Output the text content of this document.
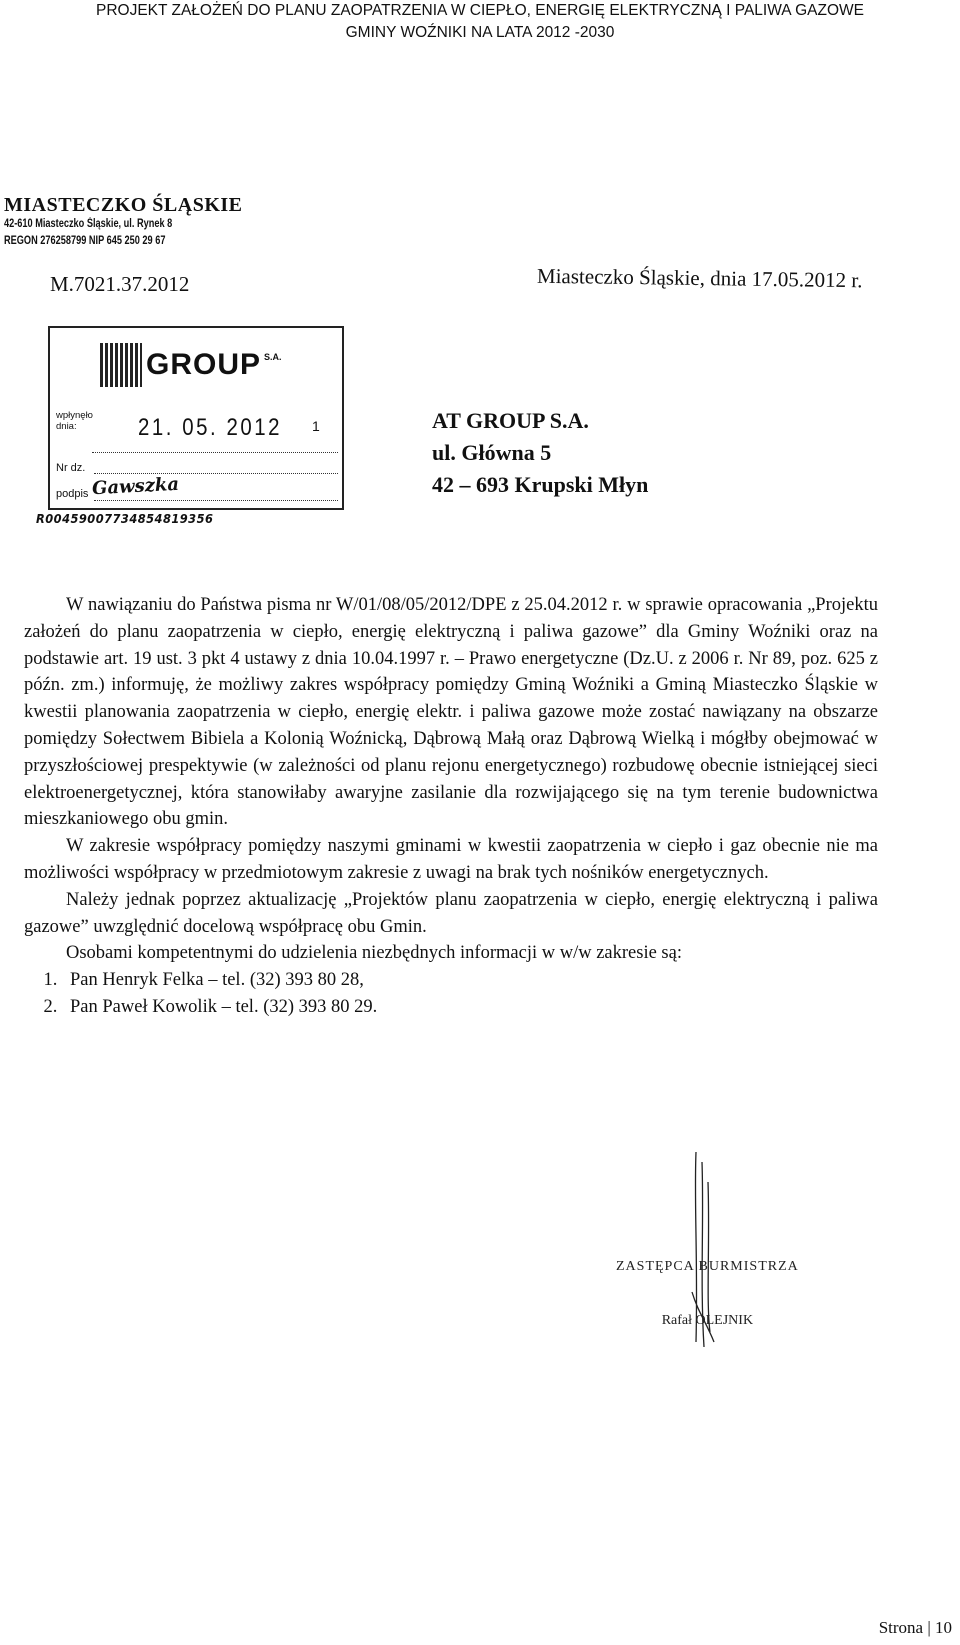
PROJEKT ZAŁOŻEŃ DO PLANU ZAOPATRZENIA W CIEPŁO, ENERGIĘ ELEKTRYCZNĄ I PALIWA GAZOWE
GMINY WOŹNIKI NA LATA 2012 -2030
MIASTECZKO ŚLĄSKIE
42-610 Miasteczko Śląskie, ul. Rynek 8
REGON 276258799 NIP 645 250 29 67
M.7021.37.2012	Miasteczko Śląskie, dnia 17.05.2012 r.
GROUP S.A.
wpłynęło dnia:	21. 05. 2012 1
Nr dz.
podpis Gawszka
R00459007734854819356
AT GROUP S.A.
ul. Główna 5
42 – 693 Krupski Młyn

W nawiązaniu do Państwa pisma nr W/01/08/05/2012/DPE z 25.04.2012 r. w sprawie opracowania „Projektu założeń do planu zaopatrzenia w ciepło, energię elektryczną i paliwa gazowe” dla Gminy Woźniki oraz na podstawie art. 19 ust. 3 pkt 4 ustawy z dnia 10.04.1997 r. – Prawo energetyczne (Dz.U. z 2006 r. Nr 89, poz. 625 z późn. zm.) informuję, że możliwy zakres współpracy pomiędzy Gminą Woźniki a Gminą Miasteczko Śląskie w kwestii planowania zaopatrzenia w ciepło, energię elektr. i paliwa gazowe może zostać nawiązany na obszarze pomiędzy Sołectwem Bibiela a Kolonią Woźnicką, Dąbrową Małą oraz Dąbrową Wielką i mógłby obejmować w przyszłościowej prespektywie (w zależności od planu rejonu energetycznego) rozbudowę obecnie istniejącej sieci elektroenergetycznej, która stanowiłaby awaryjne zasilanie dla rozwijającego się na tym terenie budownictwa mieszkaniowego obu gmin.

W zakresie współpracy pomiędzy naszymi gminami w kwestii zaopatrzenia w ciepło i gaz obecnie nie ma możliwości współpracy w przedmiotowym zakresie z uwagi na brak tych nośników energetycznych.

Należy jednak poprzez aktualizację „Projektów planu zaopatrzenia w ciepło, energię elektryczną i paliwa gazowe” uwzględnić docelową współpracę obu Gmin.

Osobami kompetentnymi do udzielenia niezbędnych informacji w w/w zakresie są:

1. Pan Henryk Felka – tel. (32) 393 80 28,
2. Pan Paweł Kowolik – tel. (32) 393 80 29.
ZASTĘPCA BURMISTRZA
Rafał OLEJNIK
Strona | 10
